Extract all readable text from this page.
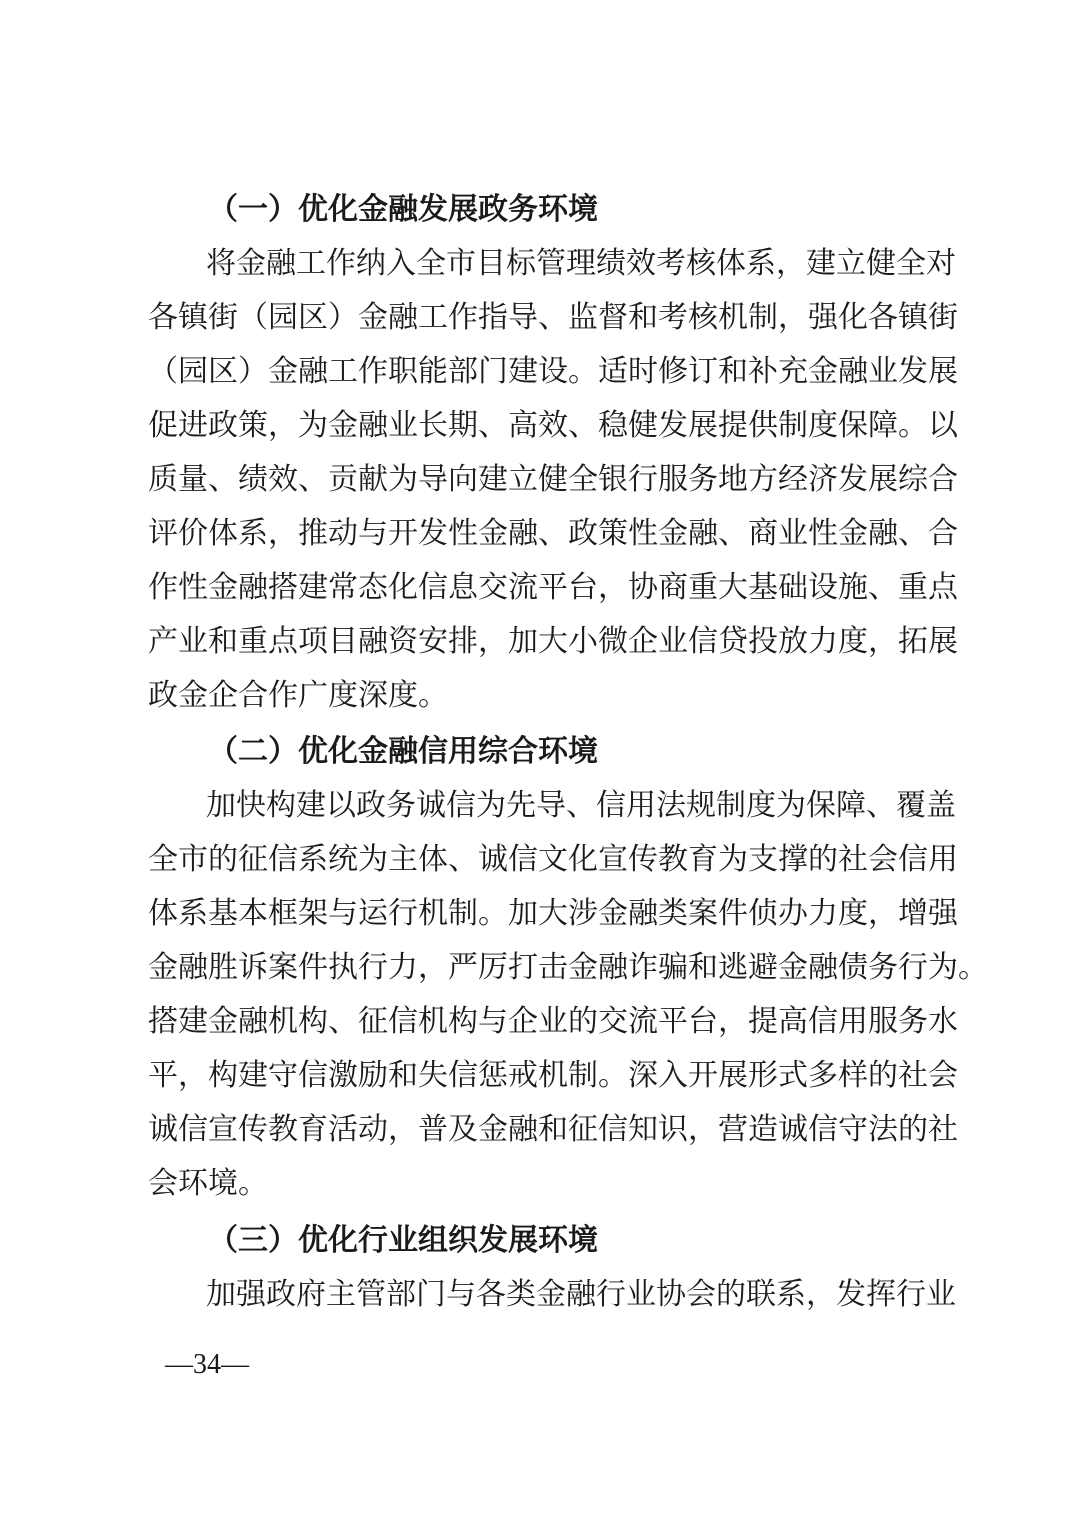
（一）优化金融发展政务环境
将金融工作纳入全市目标管理绩效考核体系，建立健全对
各镇街（园区）金融工作指导、监督和考核机制，强化各镇街
（园区）金融工作职能部门建设。适时修订和补充金融业发展
促进政策，为金融业长期、高效、稳健发展提供制度保障。以
质量、绩效、贡献为导向建立健全银行服务地方经济发展综合
评价体系，推动与开发性金融、政策性金融、商业性金融、合
作性金融搭建常态化信息交流平台，协商重大基础设施、重点
产业和重点项目融资安排，加大小微企业信贷投放力度，拓展
政金企合作广度深度。
（二）优化金融信用综合环境
加快构建以政务诚信为先导、信用法规制度为保障、覆盖
全市的征信系统为主体、诚信文化宣传教育为支撑的社会信用
体系基本框架与运行机制。加大涉金融类案件侦办力度，增强
金融胜诉案件执行力，严厉打击金融诈骗和逃避金融债务行为。
搭建金融机构、征信机构与企业的交流平台，提高信用服务水
平，构建守信激励和失信惩戒机制。深入开展形式多样的社会
诚信宣传教育活动，普及金融和征信知识，营造诚信守法的社
会环境。
（三）优化行业组织发展环境
加强政府主管部门与各类金融行业协会的联系，发挥行业
—34—
